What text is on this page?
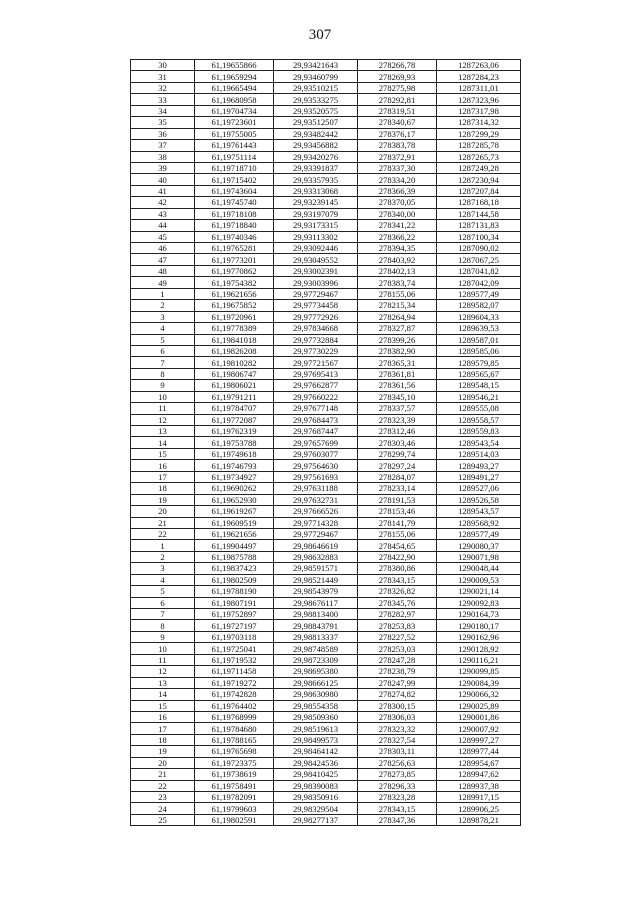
307
30	61,19655866	29,93421643	278266,78	1287263,06
31	61,19659294	29,93460799	278269,93	1287284,23
32	61,19665494	29,93510215	278275,98	1287311,01
33	61,19680958	29,93533275	278292,81	1287323,96
34	61,19704734	29,93520575	278319,51	1287317,98
35	61,19723601	29,93512507	278340,67	1287314,32
36	61,19755005	29,93482442	278376,17	1287299,29
37	61,19761443	29,93456882	278383,78	1287285,78
38	61,19751114	29,93420276	278372,91	1287265,73
39	61,19718710	29,93391837	278337,30	1287249,28
40	61,19715402	29,93357935	278334,20	1287230,94
41	61,19743604	29,93313068	278366,39	1287207,84
42	61,19745740	29,93239145	278370,05	1287168,18
43	61,19718108	29,93197079	278340,00	1287144,58
44	61,19718840	29,93173315	278341,22	1287131,83
45	61,19740346	29,93113302	278366,22	1287100,34
46	61,19765281	29,93092446	278394,35	1287090,02
47	61,19773201	29,93049552	278403,92	1287067,25
48	61,19770862	29,93002391	278402,13	1287041,82
49	61,19754382	29,93003996	278383,74	1287042,09
1	61,19621656	29,97729467	278155,06	1289577,49
2	61,19675852	29,97734458	278215,34	1289582,07
3	61,19720961	29,97772926	278264,94	1289604,33
4	61,19778389	29,97834668	278327,87	1289639,53
5	61,19841018	29,97732884	278399,26	1289587,01
6	61,19826208	29,97730229	278382,90	1289585,06
7	61,19810282	29,97721567	278365,31	1289579,85
8	61,19806747	29,97695413	278361,81	1289565,67
9	61,19806021	29,97662877	278361,56	1289548,15
10	61,19791211	29,97660222	278345,10	1289546,21
11	61,19784707	29,97677148	278337,57	1289555,08
12	61,19772087	29,97684473	278323,39	1289558,57
13	61,19762319	29,97687447	278312,46	1289559,83
14	61,19753788	29,97657699	278303,46	1289543,54
15	61,19749618	29,97603077	278299,74	1289514,03
16	61,19746793	29,97564630	278297,24	1289493,27
17	61,19734927	29,97561693	278284,07	1289491,27
18	61,19690262	29,97631188	278233,14	1289527,06
19	61,19652930	29,97632731	278191,53	1289526,58
20	61,19619267	29,97666526	278153,46	1289543,57
21	61,19609519	29,97714328	278141,79	1289568,92
22	61,19621656	29,97729467	278155,06	1289577,49
1	61,19904497	29,98646619	278454,65	1290080,37
2	61,19875788	29,98632883	278422,90	1290071,98
3	61,19837423	29,98591571	278380,86	1290048,44
4	61,19802509	29,98521449	278343,15	1290009,53
5	61,19788190	29,98543979	278326,82	1290021,14
6	61,19807191	29,98676117	278345,76	1290092,83
7	61,19752897	29,98813400	278282,97	1290164,73
8	61,19727197	29,98843791	278253,83	1290180,17
9	61,19703118	29,98813337	278227,52	1290162,96
10	61,19725041	29,98748589	278253,03	1290128,92
11	61,19719532	29,98723309	278247,28	1290116,21
12	61,19711458	29,98695380	278238,79	1290099,85
13	61,19719272	29,98666125	278247,99	1290084,39
14	61,19742828	29,98630980	278274,82	1290066,32
15	61,19764402	29,98554358	278300,15	1290025,89
16	61,19768999	29,98509360	278306,03	1290001,86
17	61,19784680	29,98519613	278323,32	1290007,92
18	61,19788165	29,98499573	278327,54	1289997,27
19	61,19765698	29,98464142	278303,11	1289977,44
20	61,19723375	29,98424536	278256,63	1289954,67
21	61,19738619	29,98410425	278273,85	1289947,62
22	61,19758491	29,98390083	278296,33	1289937,38
23	61,19782091	29,98350916	278323,28	1289917,15
24	61,19799603	29,98329504	278343,15	1289906,25
25	61,19802591	29,98277137	278347,36	1289878,21
